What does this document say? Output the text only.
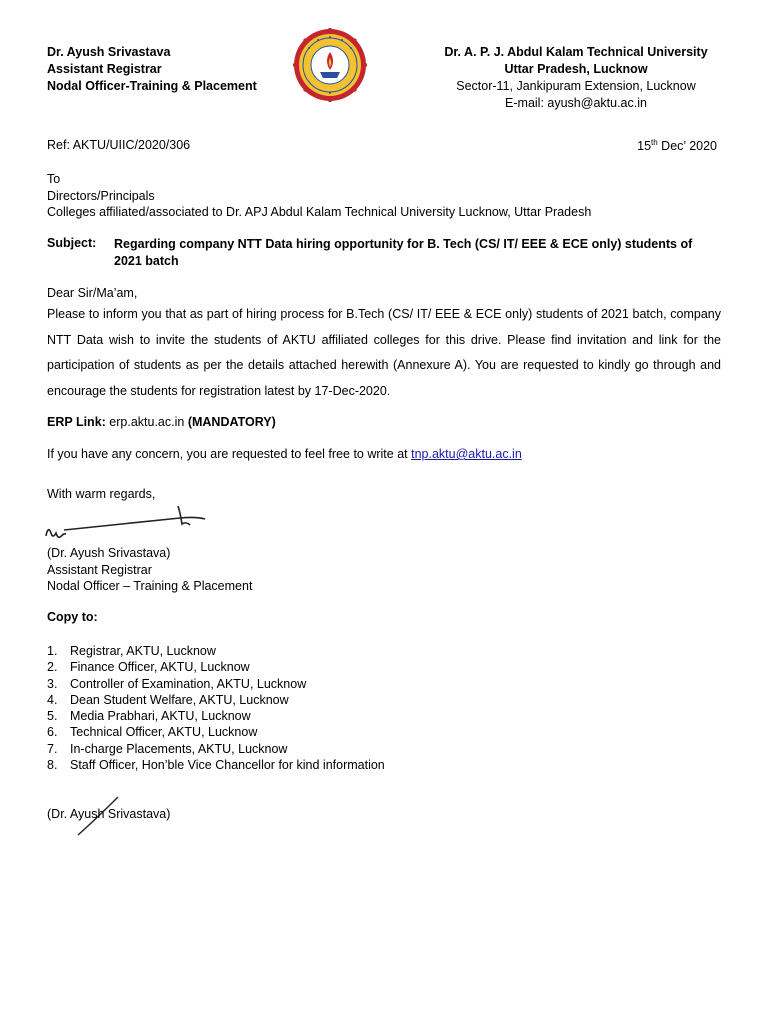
Dr. Ayush Srivastava
Assistant Registrar
Nodal Officer-Training & Placement
Dr. A. P. J. Abdul Kalam Technical University
Uttar Pradesh, Lucknow
Sector-11, Jankipuram Extension, Lucknow
E-mail: ayush@aktu.ac.in
Ref: AKTU/UIIC/2020/306	15th Dec’ 2020
To
Directors/Principals
Colleges affiliated/associated to Dr. APJ Abdul Kalam Technical University Lucknow, Uttar Pradesh
Subject: Regarding company NTT Data hiring opportunity for B. Tech (CS/ IT/ EEE & ECE only) students of 2021 batch
Dear Sir/Ma’am,
Please to inform you that as part of hiring process for B.Tech (CS/ IT/ EEE & ECE only) students of 2021 batch, company NTT Data wish to invite the students of AKTU affiliated colleges for this drive. Please find invitation and link for the participation of students as per the details attached herewith (Annexure A). You are requested to kindly go through and encourage the students for registration latest by 17-Dec-2020.
ERP Link: erp.aktu.ac.in (MANDATORY)
If you have any concern, you are requested to feel free to write at tnp.aktu@aktu.ac.in
With warm regards,
(Dr. Ayush Srivastava)
Assistant Registrar
Nodal Officer – Training & Placement
Copy to:
1. Registrar, AKTU, Lucknow
2. Finance Officer, AKTU, Lucknow
3. Controller of Examination, AKTU, Lucknow
4. Dean Student Welfare, AKTU, Lucknow
5. Media Prabhari, AKTU, Lucknow
6. Technical Officer, AKTU, Lucknow
7. In-charge Placements, AKTU, Lucknow
8. Staff Officer, Hon’ble Vice Chancellor for kind information
(Dr. Ayush Srivastava)
